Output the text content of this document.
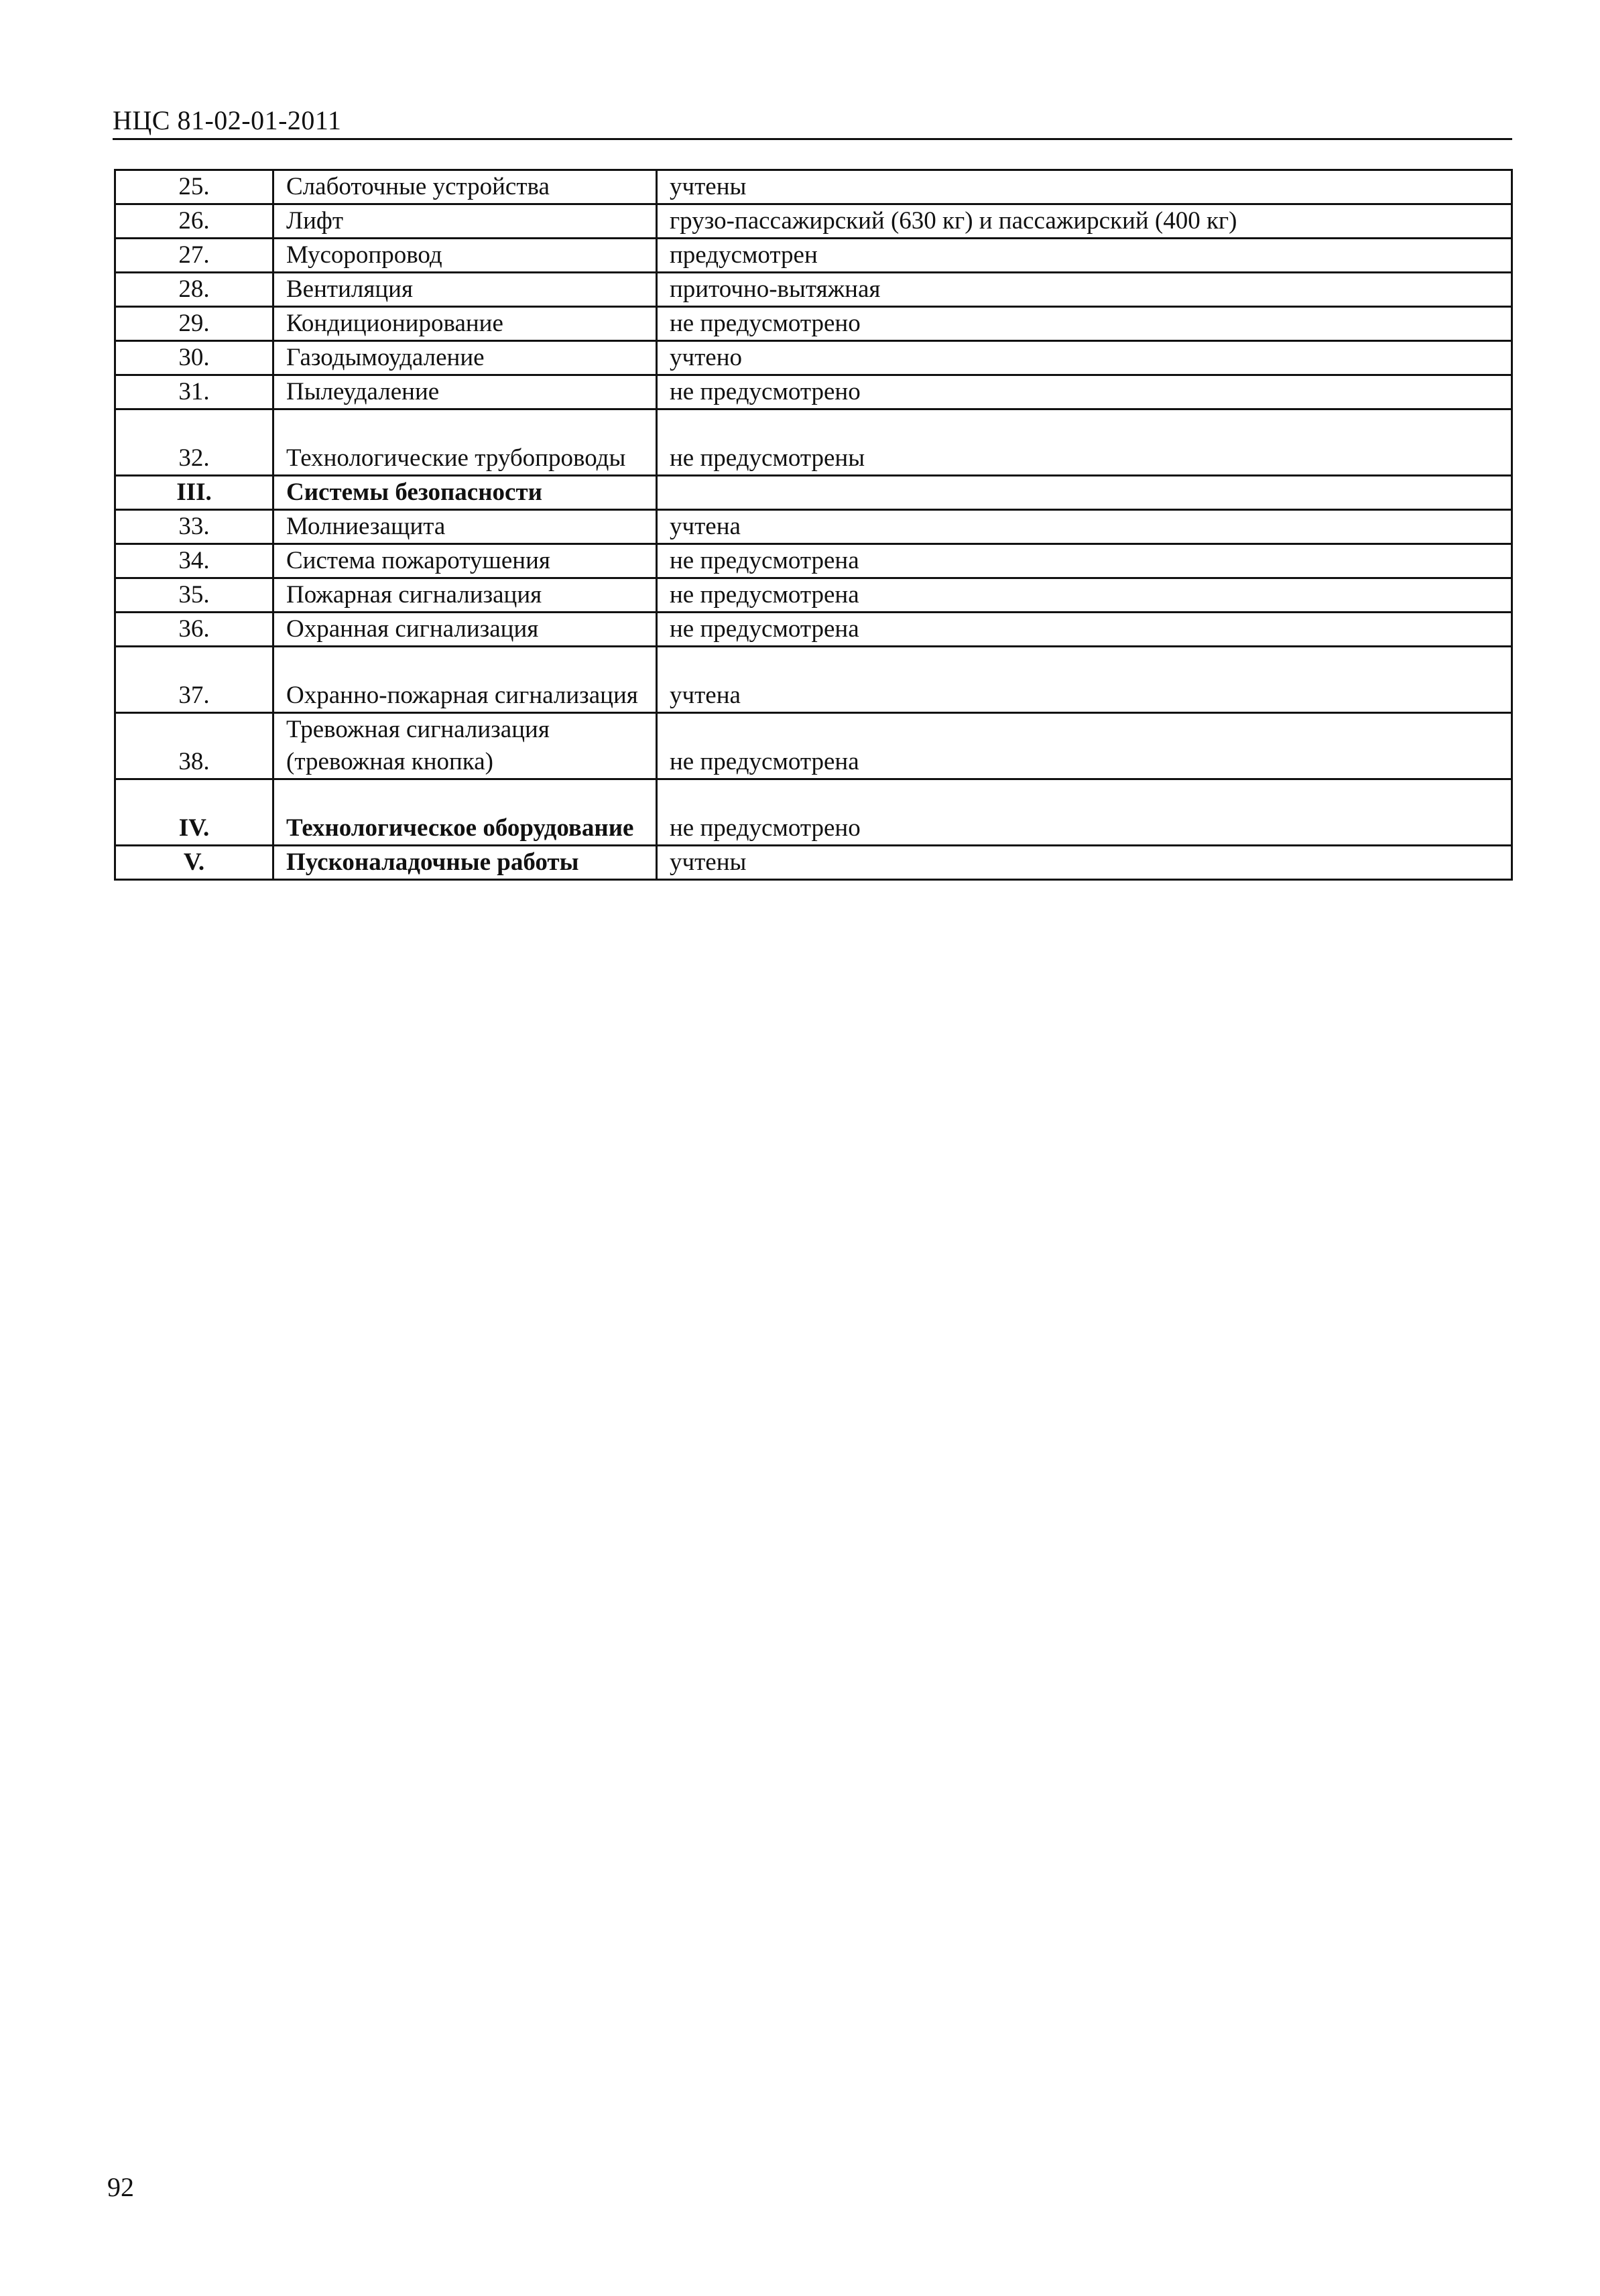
НЦС 81-02-01-2011
25.	Слаботочные устройства	учтены
26.	Лифт	грузо-пассажирский (630 кг) и пассажирский (400 кг)
27.	Мусоропровод	предусмотрен
28.	Вентиляция	приточно-вытяжная
29.	Кондиционирование	не предусмотрено
30.	Газодымоудаление	учтено
31.	Пылеудаление	не предусмотрено
32.	Технологические трубопроводы	не предусмотрены
III.	Системы безопасности	
33.	Молниезащита	учтена
34.	Система пожаротушения	не предусмотрена
35.	Пожарная сигнализация	не предусмотрена
36.	Охранная сигнализация	не предусмотрена
37.	Охранно-пожарная сигнализация	учтена
38.	Тревожная сигнализация (тревожная кнопка)	не предусмотрена
IV.	Технологическое оборудование	не предусмотрено
V.	Пусконаладочные работы	учтены
92
